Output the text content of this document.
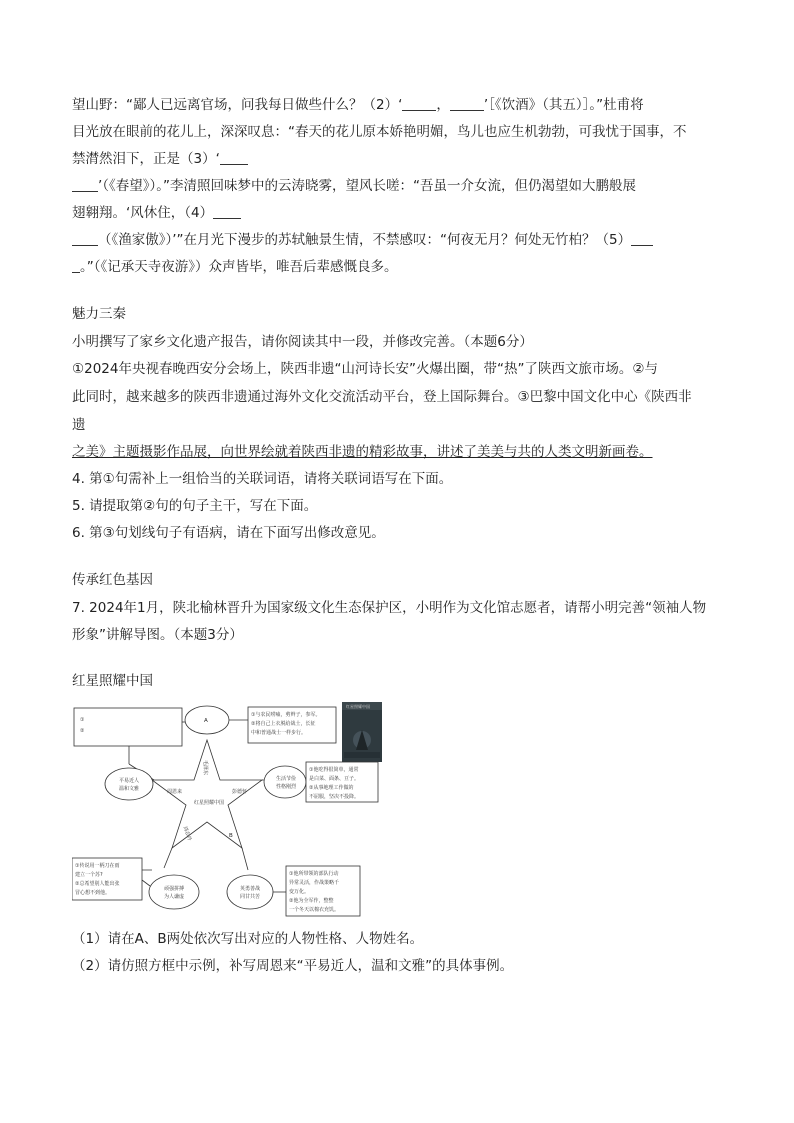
望山野：“鄙人已远离官场，问我每日做些什么？（2）‘	，	’［《饮酒》（其五）］。”杜甫将
目光放在眼前的花儿上，深深叹息：“春天的花儿原本娇艳明媚，鸟儿也应生机勃勃，可我忧于国事，不
禁潸然泪下，正是（3）‘
’（《春望》）。”李清照回味梦中的云涛晓雾，望风长嗟：“吾虽一介女流，但仍渴望如大鹏般展
翅翱翔。‘风休住，（4）
（《渔家傲》）’”在月光下漫步的苏轼触景生情，不禁感叹：“何夜无月？何处无竹柏？（5）
。”（《记承天寺夜游》）众声皆毕，唯吾后辈感慨良多。
魅力三秦
小明撰写了家乡文化遗产报告，请你阅读其中一段，并修改完善。（本题6分）
①2024年央视春晚西安分会场上，陕西非遗“山河诗长安”火爆出圈，带“热”了陕西文旅市场。②与
此同时，越来越多的陕西非遗通过海外文化交流活动平台，登上国际舞台。③巴黎中国文化中心《陕西非
遗
之美》主题摄影作品展，向世界绘就着陕西非遗的精彩故事，讲述了美美与共的人类文明新画卷。
4. 第①句需补上一组恰当的关联词语，请将关联词语写在下面。
5. 请提取第②句的句子主干，写在下面。
6. 第③句划线句子有语病，请在下面写出修改意见。
传承红色基因
7. 2024年1月，陕北榆林晋升为国家级文化生态保护区，小明作为文化馆志愿者，请帮小明完善“领袖人物
形象”讲解导图。（本题3分）
红星照耀中国
①
②
A
①与农民唠嗑，剪辫子，参军。
②将自己上衣脱给战士，长征
中和普通战士一样步行。
红星照耀中国
毛泽东
周恩来	彭德怀
红星照耀中国
刘志丹	B
平易近人
温和文雅
生活节俭
性格刚烈
①他吃得很简单，通常
是白菜、面条、豆子。
②从事地理工作做的
不屈服，坚决不投降。
①传说用一柄刀在雨
建立一个苏?
②总希望别人能出张
冒心想不到他。
顽强拼搏
为人谦虚
英勇善战
同甘共苦
①他所带领的部队行动
异常灵活，作战策略千
变万化。
②他为全军作，整整
一个冬天以棉衣充饥。
（1）请在A、B两处依次写出对应的人物性格、人物姓名。
（2）请仿照方框中示例，补写周恩来“平易近人，温和文雅”的具体事例。
